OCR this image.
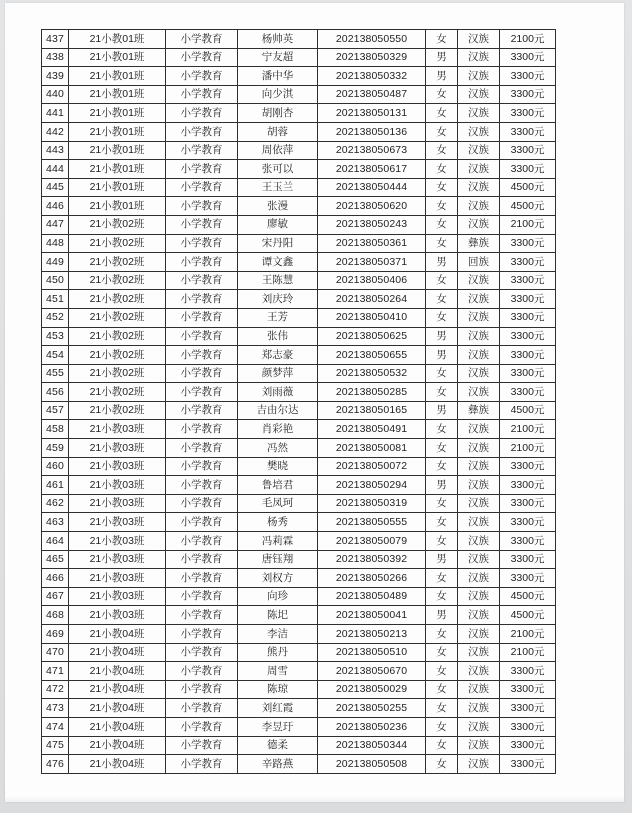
437	21小教01班	小学教育	杨帅英	202138050550	女	汉族	2100元
438	21小教01班	小学教育	宁友超	202138050329	男	汉族	3300元
439	21小教01班	小学教育	潘中华	202138050332	男	汉族	3300元
440	21小教01班	小学教育	向少淇	202138050487	女	汉族	3300元
441	21小教01班	小学教育	胡刚杏	202138050131	女	汉族	3300元
442	21小教01班	小学教育	胡蓉	202138050136	女	汉族	3300元
443	21小教01班	小学教育	周依萍	202138050673	女	汉族	3300元
444	21小教01班	小学教育	张可以	202138050617	女	汉族	3300元
445	21小教01班	小学教育	王玉兰	202138050444	女	汉族	4500元
446	21小教01班	小学教育	张漫	202138050620	女	汉族	4500元
447	21小教02班	小学教育	廖敏	202138050243	女	汉族	2100元
448	21小教02班	小学教育	宋丹阳	202138050361	女	彝族	3300元
449	21小教02班	小学教育	谭文鑫	202138050371	男	回族	3300元
450	21小教02班	小学教育	王陈慧	202138050406	女	汉族	3300元
451	21小教02班	小学教育	刘庆玲	202138050264	女	汉族	3300元
452	21小教02班	小学教育	王芳	202138050410	女	汉族	3300元
453	21小教02班	小学教育	张伟	202138050625	男	汉族	3300元
454	21小教02班	小学教育	郑志豪	202138050655	男	汉族	3300元
455	21小教02班	小学教育	颜梦萍	202138050532	女	汉族	3300元
456	21小教02班	小学教育	刘雨薇	202138050285	女	汉族	3300元
457	21小教02班	小学教育	吉由尔达	202138050165	男	彝族	4500元
458	21小教03班	小学教育	肖彩艳	202138050491	女	汉族	2100元
459	21小教03班	小学教育	冯然	202138050081	女	汉族	2100元
460	21小教03班	小学教育	樊晓	202138050072	女	汉族	3300元
461	21小教03班	小学教育	鲁培君	202138050294	男	汉族	3300元
462	21小教03班	小学教育	毛凤珂	202138050319	女	汉族	3300元
463	21小教03班	小学教育	杨秀	202138050555	女	汉族	3300元
464	21小教03班	小学教育	冯莉霖	202138050079	女	汉族	3300元
465	21小教03班	小学教育	唐钰翔	202138050392	男	汉族	3300元
466	21小教03班	小学教育	刘权方	202138050266	女	汉族	3300元
467	21小教03班	小学教育	向珍	202138050489	女	汉族	4500元
468	21小教03班	小学教育	陈圯	202138050041	男	汉族	4500元
469	21小教04班	小学教育	李洁	202138050213	女	汉族	2100元
470	21小教04班	小学教育	熊丹	202138050510	女	汉族	2100元
471	21小教04班	小学教育	周雪	202138050670	女	汉族	3300元
472	21小教04班	小学教育	陈琼	202138050029	女	汉族	3300元
473	21小教04班	小学教育	刘红霞	202138050255	女	汉族	3300元
474	21小教04班	小学教育	李昱玗	202138050236	女	汉族	3300元
475	21小教04班	小学教育	德柔	202138050344	女	汉族	3300元
476	21小教04班	小学教育	辛路燕	202138050508	女	汉族	3300元
